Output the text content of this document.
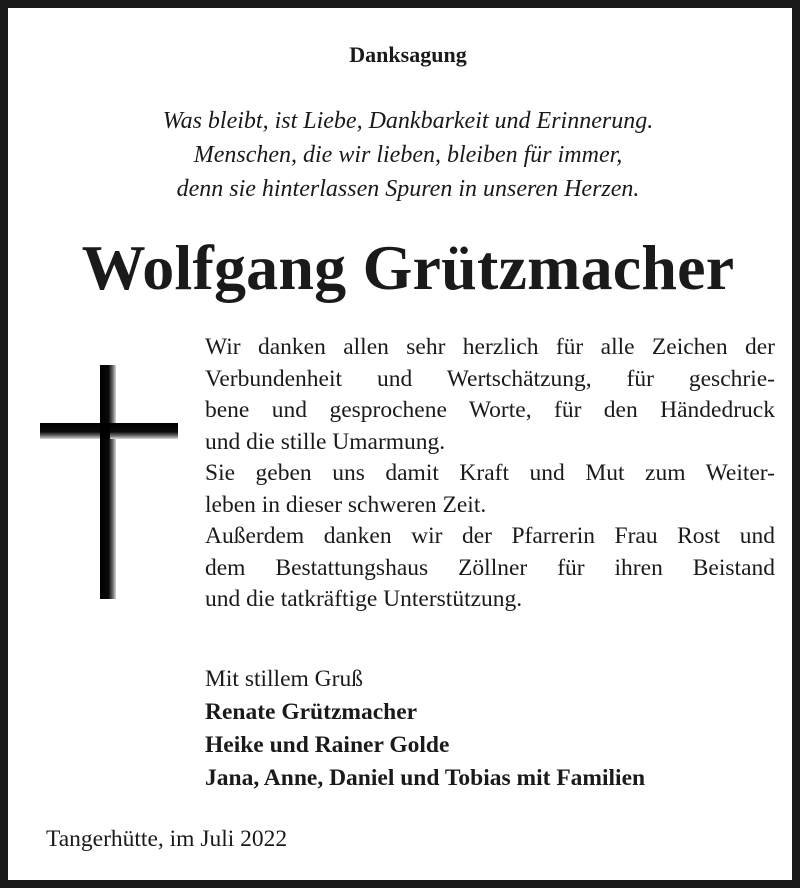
Danksagung
Was bleibt, ist Liebe, Dankbarkeit und Erinnerung.
Menschen, die wir lieben, bleiben für immer,
denn sie hinterlassen Spuren in unseren Herzen.
Wolfgang Grützmacher
Wir danken allen sehr herzlich für alle Zeichen der
Verbundenheit und Wertschätzung, für geschrie-
bene und gesprochene Worte, für den Händedruck
und die stille Umarmung.
Sie geben uns damit Kraft und Mut zum Weiter-
leben in dieser schweren Zeit.
Außerdem danken wir der Pfarrerin Frau Rost und
dem Bestattungshaus Zöllner für ihren Beistand
und die tatkräftige Unterstützung.
Mit stillem Gruß
Renate Grützmacher
Heike und Rainer Golde
Jana, Anne, Daniel und Tobias mit Familien
Tangerhütte, im Juli 2022
